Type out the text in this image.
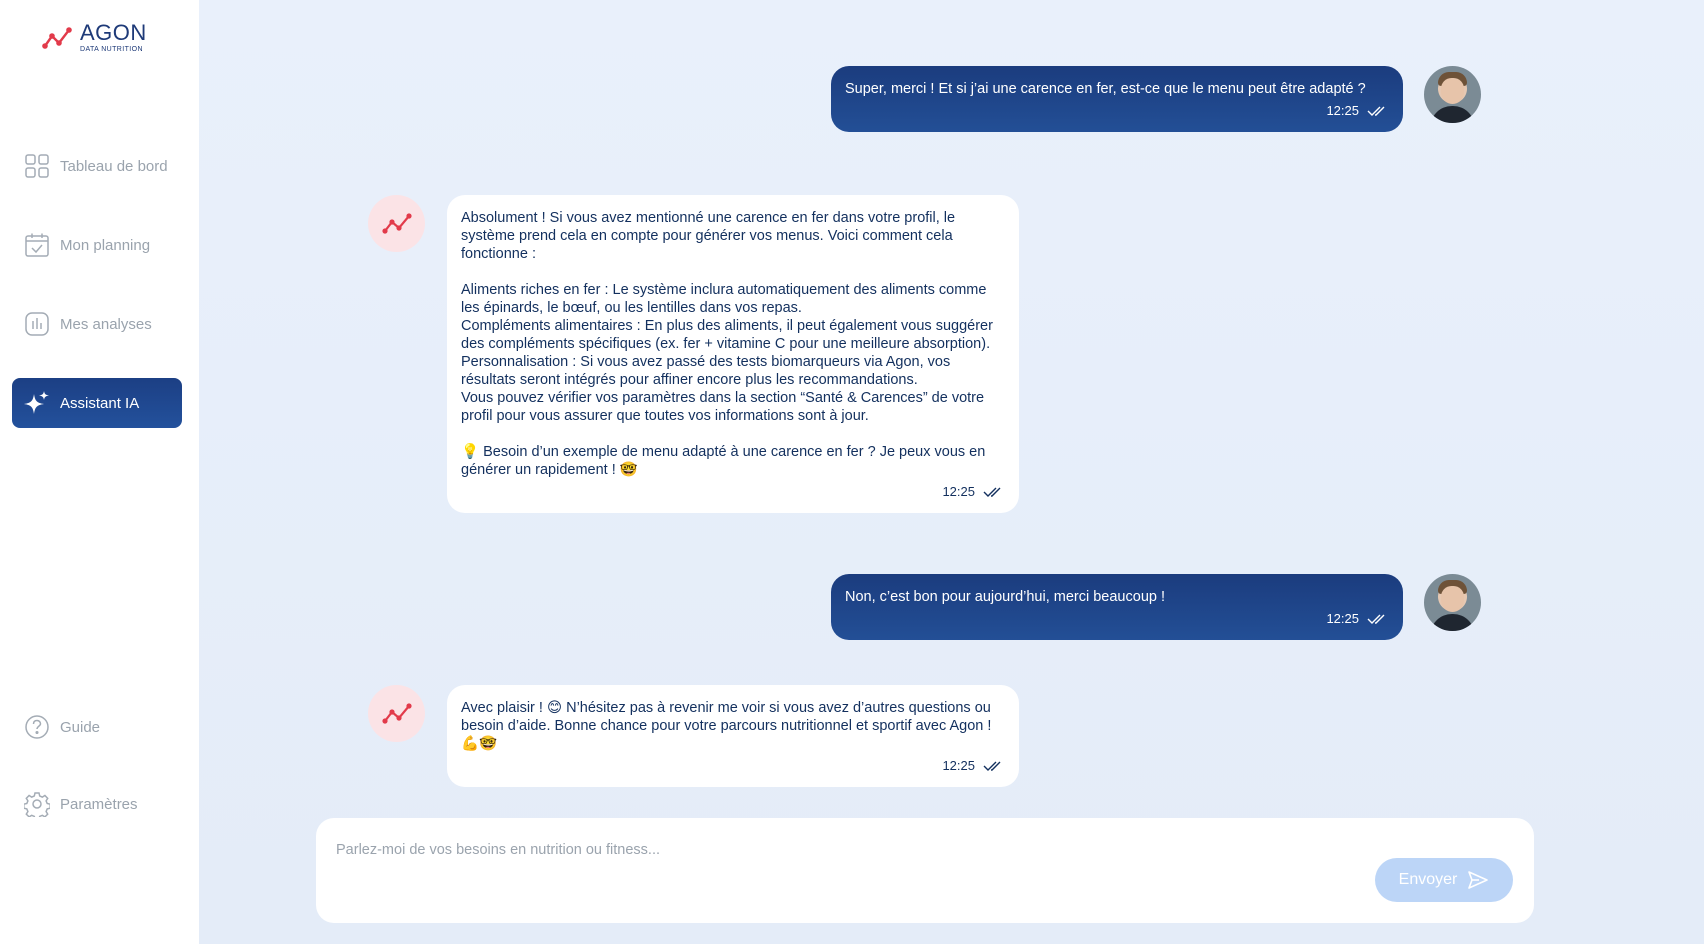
AGON
DATA NUTRITION
Tableau de bord
Mon planning
Mes analyses
Assistant IA
Guide
Paramètres
Super, merci ! Et si j’ai une carence en fer, est-ce que le menu peut être adapté ?
12:25
Absolument ! Si vous avez mentionné une carence en fer dans votre profil, le système prend cela en compte pour générer vos menus. Voici comment cela fonctionne :

Aliments riches en fer : Le système inclura automatiquement des aliments comme les épinards, le bœuf, ou les lentilles dans vos repas.
Compléments alimentaires : En plus des aliments, il peut également vous suggérer des compléments spécifiques (ex. fer + vitamine C pour une meilleure absorption).
Personnalisation : Si vous avez passé des tests biomarqueurs via Agon, vos résultats seront intégrés pour affiner encore plus les recommandations.
Vous pouvez vérifier vos paramètres dans la section “Santé & Carences” de votre profil pour vous assurer que toutes vos informations sont à jour.

💡 Besoin d’un exemple de menu adapté à une carence en fer ? Je peux vous en générer un rapidement ! 🤓
12:25
Non, c’est bon pour aujourd’hui, merci beaucoup !
12:25
Avec plaisir ! 😊 N’hésitez pas à revenir me voir si vous avez d’autres questions ou besoin d’aide. Bonne chance pour votre parcours nutritionnel et sportif avec Agon ! 💪🤓
12:25
Parlez-moi de vos besoins en nutrition ou fitness...
Envoyer
